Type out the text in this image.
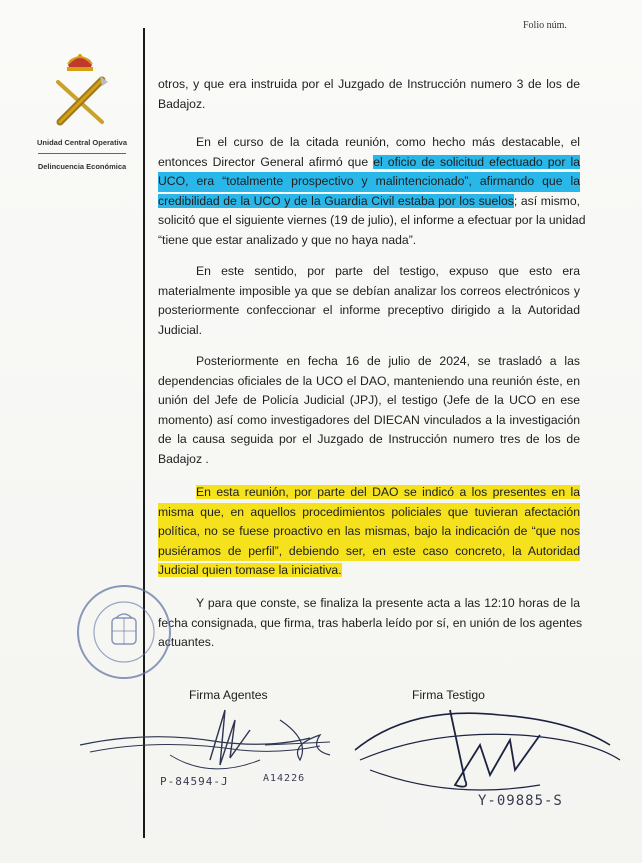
Folio núm.
Unidad Central Operativa
Delincuencia Económica
otros, y que era instruida por el Juzgado de Instrucción numero 3 de los de
Badajoz.
En el curso de la citada reunión, como hecho más destacable, el
entonces Director General afirmó que el oficio de solicitud efectuado por la
UCO, era “totalmente prospectivo y malintencionado”, afirmando que la
credibilidad de la UCO y de la Guardia Civil estaba por los suelos; así mismo,
solicitó que el siguiente viernes (19 de julio), el informe a efectuar por la unidad
“tiene que estar analizado y que no haya nada”.
En este sentido, por parte del testigo, expuso que esto era
materialmente imposible ya que se debían analizar los correos electrónicos y
posteriormente confeccionar el informe preceptivo dirigido a la Autoridad
Judicial.
Posteriormente en fecha 16 de julio de 2024, se trasladó a las
dependencias oficiales de la UCO el DAO, manteniendo una reunión éste, en
unión del Jefe de Policía Judicial (JPJ), el testigo (Jefe de la UCO en ese
momento) así como investigadores del DIECAN vinculados a la investigación
de la causa seguida por el Juzgado de Instrucción numero tres de los de
Badajoz .
En esta reunión, por parte del DAO se indicó a los presentes en la
misma que, en aquellos procedimientos policiales que tuvieran afectación
política, no se fuese proactivo en las mismas, bajo la indicación de “que nos
pusiéramos de perfil”, debiendo ser, en este caso concreto, la Autoridad
Judicial quien tomase la iniciativa.
Y para que conste, se finaliza la presente acta a las 12:10 horas de la
fecha consignada, que firma, tras haberla leído por sí, en unión de los agentes
actuantes.
Firma Agentes	Firma Testigo
P-84594-J	A14226
Y-09885-S
